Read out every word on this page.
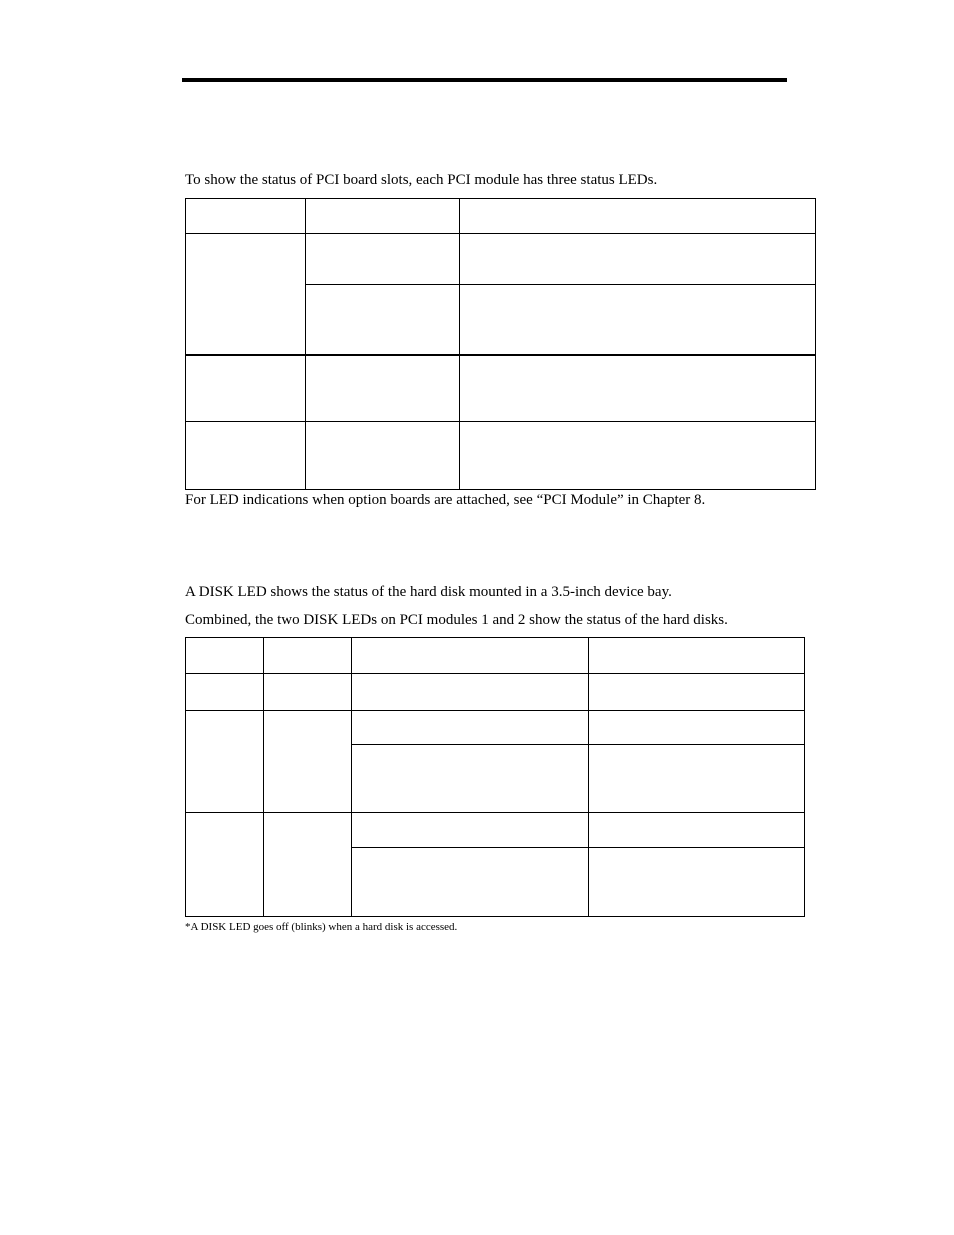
To show the status of PCI board slots, each PCI module has three status LEDs.

For LED indications when option boards are attached, see “PCI Module” in Chapter 8.

A DISK LED shows the status of the hard disk mounted in a 3.5-inch device bay.

Combined, the two DISK LEDs on PCI modules 1 and 2 show the status of the hard disks.

*A DISK LED goes off (blinks) when a hard disk is accessed.
